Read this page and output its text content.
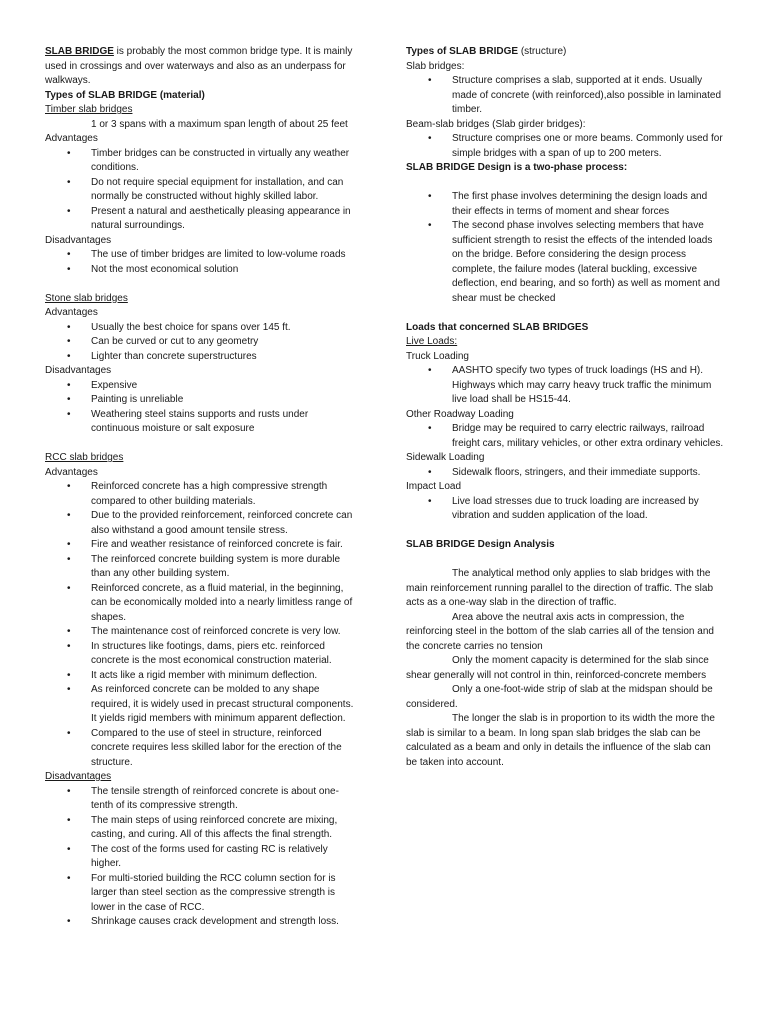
SLAB BRIDGE is probably the most common bridge type. It is mainly used in crossings and over waterways and also as an underpass for walkways.

Types of SLAB BRIDGE (material)

Timber slab bridges

1 or 3 spans with a maximum span length of about 25 feet

Advantages

• Timber bridges can be constructed in virtually any weather conditions.
• Do not require special equipment for installation, and can normally be constructed without highly skilled labor.
• Present a natural and aesthetically pleasing appearance in natural surroundings.

Disadvantages

• The use of timber bridges are limited to low-volume roads
• Not the most economical solution

Stone slab bridges

Advantages

• Usually the best choice for spans over 145 ft.
• Can be curved or cut to any geometry
• Lighter than concrete superstructures

Disadvantages

• Expensive
• Painting is unreliable
• Weathering steel stains supports and rusts under continuous moisture or salt exposure

RCC slab bridges

Advantages

• Reinforced concrete has a high compressive strength compared to other building materials.
• Due to the provided reinforcement, reinforced concrete can also withstand a good amount tensile stress.
• Fire and weather resistance of reinforced concrete is fair.
• The reinforced concrete building system is more durable than any other building system.
• Reinforced concrete, as a fluid material, in the beginning, can be economically molded into a nearly limitless range of shapes.
• The maintenance cost of reinforced concrete is very low.
• In structures like footings, dams, piers etc. reinforced concrete is the most economical construction material.
• It acts like a rigid member with minimum deflection.
• As reinforced concrete can be molded to any shape required, it is widely used in precast structural components. It yields rigid members with minimum apparent deflection.
• Compared to the use of steel in structure, reinforced concrete requires less skilled labor for the erection of the structure.

Disadvantages

• The tensile strength of reinforced concrete is about one-tenth of its compressive strength.
• The main steps of using reinforced concrete are mixing, casting, and curing. All of this affects the final strength.
• The cost of the forms used for casting RC is relatively higher.
• For multi-storied building the RCC column section for is larger than steel section as the compressive strength is lower in the case of RCC.
• Shrinkage causes crack development and strength loss.

Types of SLAB BRIDGE (structure)

Slab bridges:

• Structure comprises a slab, supported at it ends. Usually made of concrete (with reinforced),also possible in laminated timber.

Beam-slab bridges (Slab girder bridges):

• Structure comprises one or more beams. Commonly used for simple bridges with a span of up to 200 meters.

SLAB BRIDGE Design is a two-phase process:

• The first phase involves determining the design loads and their effects in terms of moment and shear forces
• The second phase involves selecting members that have sufficient strength to resist the effects of the intended loads on the bridge. Before considering the design process complete, the failure modes (lateral buckling, excessive deflection, end bearing, and so forth) as well as moment and shear must be checked

Loads that concerned SLAB BRIDGES

Live Loads:

Truck Loading

• AASHTO specify two types of truck loadings (HS and H). Highways which may carry heavy truck traffic the minimum live load shall be HS15-44.

Other Roadway Loading

• Bridge may be required to carry electric railways, railroad freight cars, military vehicles, or other extra ordinary vehicles.

Sidewalk Loading

• Sidewalk floors, stringers, and their immediate supports.

Impact Load

• Live load stresses due to truck loading are increased by vibration and sudden application of the load.

SLAB BRIDGE Design Analysis

The analytical method only applies to slab bridges with the main reinforcement running parallel to the direction of traffic. The slab acts as a one-way slab in the direction of traffic.

Area above the neutral axis acts in compression, the reinforcing steel in the bottom of the slab carries all of the tension and the concrete carries no tension

Only the moment capacity is determined for the slab since shear generally will not control in thin, reinforced-concrete members

Only a one-foot-wide strip of slab at the midspan should be considered.

The longer the slab is in proportion to its width the more the slab is similar to a beam. In long span slab bridges the slab can be calculated as a beam and only in details the influence of the slab can be taken into account.
